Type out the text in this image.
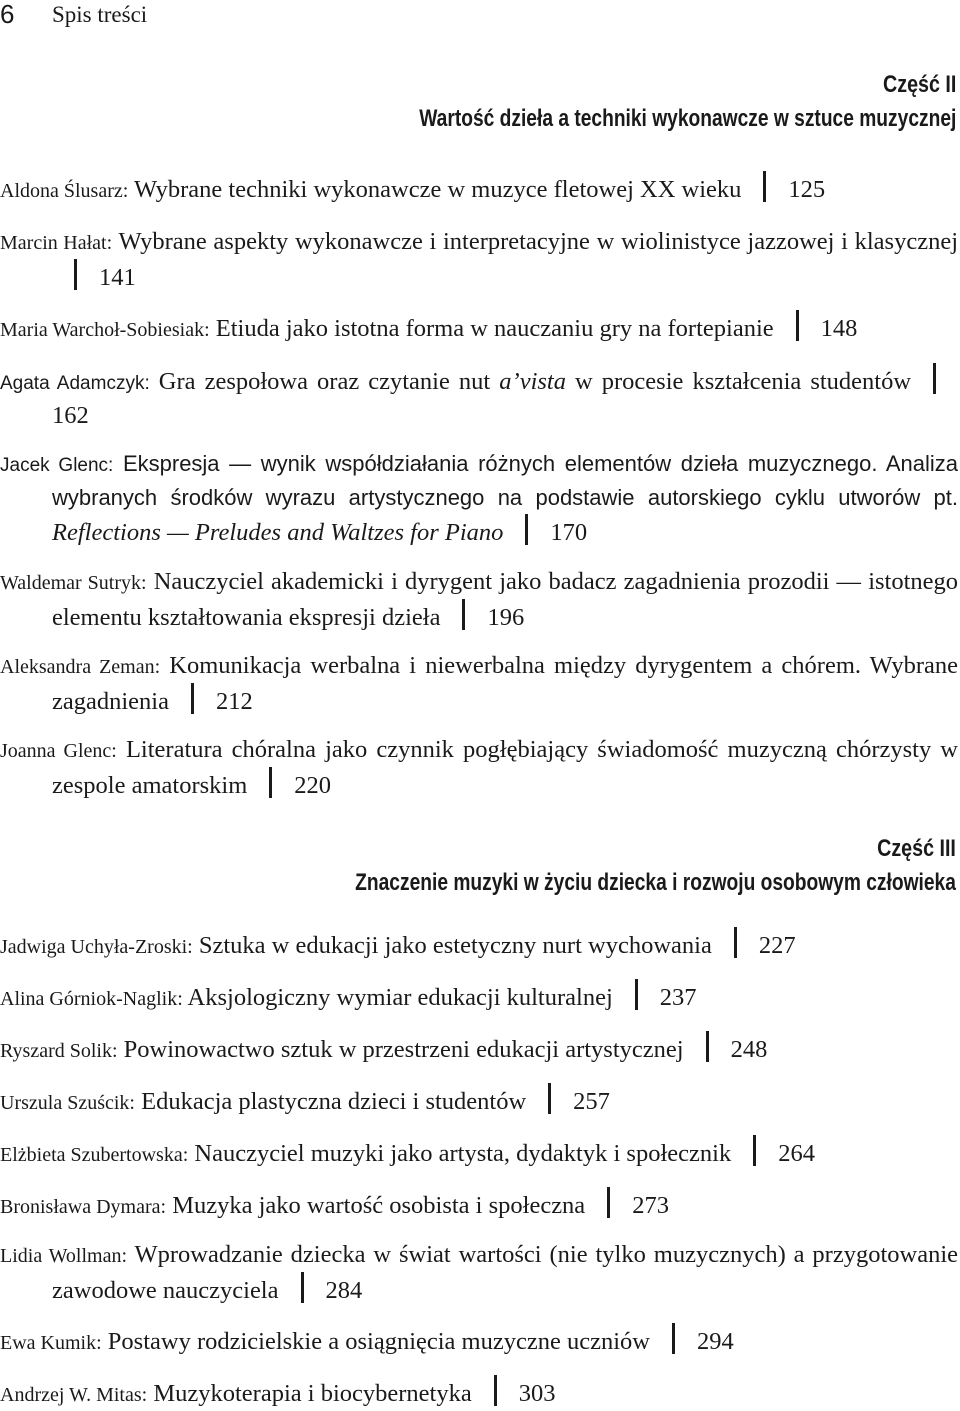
6 Spis treści
Część II
Wartość dzieła a techniki wykonawcze w sztuce muzycznej

Aldona Ślusarz: Wybrane techniki wykonawcze w muzyce fletowej XX wieku 125

Marcin Hałat: Wybrane aspekty wykonawcze i interpretacyjne w wiolinistyce jazzowej i klasycznej141

Maria Warchoł-Sobiesiak: Etiuda jako istotna forma w nauczaniu gry na fortepianie 148

Agata Adamczyk: Gra zespołowa oraz czytanie nut a’vista w procesie kształcenia studentów162

Jacek Glenc: Ekspresja — wynik współdziałania różnych elementów dzieła muzycznego. Analiza wybranych środków wyrazu artystycznego na podstawie autorskiego cyklu utworów pt. Reflections — Preludes and Waltzes for Piano 170

Waldemar Sutryk: Nauczyciel akademicki i dyrygent jako badacz zagadnienia prozodii — istotnego elementu kształtowania ekspresji dzieła 196

Aleksandra Zeman: Komunikacja werbalna i niewerbalna między dyrygentem a chórem. Wybrane zagadnienia 212

Joanna Glenc: Literatura chóralna jako czynnik pogłębiający świadomość muzyczną chórzysty w zespole amatorskim 220

Część III
Znaczenie muzyki w życiu dziecka i rozwoju osobowym człowieka

Jadwiga Uchyła-Zroski: Sztuka w edukacji jako estetyczny nurt wychowania 227

Alina Górniok-Naglik: Aksjologiczny wymiar edukacji kulturalnej 237

Ryszard Solik: Powinowactwo sztuk w przestrzeni edukacji artystycznej 248

Urszula Szuścik: Edukacja plastyczna dzieci i studentów 257

Elżbieta Szubertowska: Nauczyciel muzyki jako artysta, dydaktyk i społecznik 264

Bronisława Dymara: Muzyka jako wartość osobista i społeczna 273

Lidia Wollman: Wprowadzanie dziecka w świat wartości (nie tylko muzycznych) a przygotowanie zawodowe nauczyciela 284

Ewa Kumik: Postawy rodzicielskie a osiągnięcia muzyczne uczniów 294

Andrzej W. Mitas: Muzykoterapia i biocybernetyka 303
